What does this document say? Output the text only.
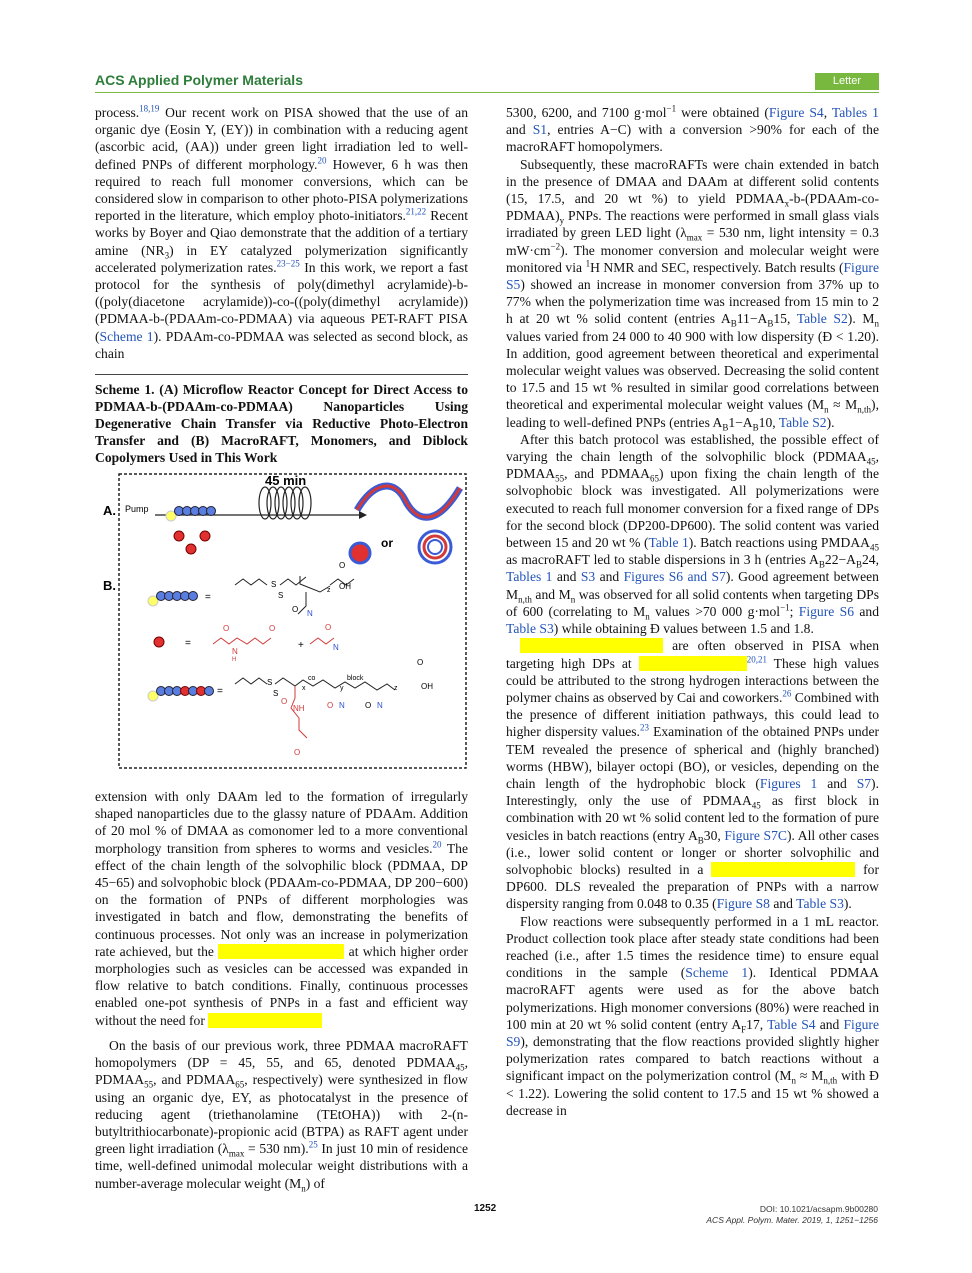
ACS Applied Polymer Materials	Letter

process.$^{18,19}$ Our recent work on PISA showed that the use of an organic dye (Eosin Y, (EY)) in combination with a reducing agent (ascorbic acid, (AA)) under green light irradiation led to well-defined PNPs of different morphology.$^{20}$ However, 6 h was then required to reach full monomer conversions, which can be considered slow in comparison to other photo-PISA polymerizations reported in the literature, which employ photo-initiators.$^{21,22}$ Recent works by Boyer and Qiao demonstrate that the addition of a tertiary amine $(NR_3)$ in EY catalyzed polymerization significantly accelerated polymerization rates.$^{23-25}$ In this work, we report a fast protocol for the synthesis of poly(dimethyl acrylamide)-b-((poly(diacetone acrylamide))-co-((poly(dimethyl acrylamide)) (PDMAA-b-(PDAAm-co-PDMAA) via aqueous PET-RAFT PISA (Scheme 1). PDAAm-co-PDMAA was selected as second block, as chain

Scheme 1. (A) Microflow Reactor Concept for Direct Access to PDMAA-b-(PDAAm-co-PDMAA) Nanoparticles Using Degenerative Chain Transfer via Reductive Photo-Electron Transfer and (B) MacroRAFT, Monomers, and Diblock Copolymers Used in This Work

45 min
A. Pump
or
B.
=
S
S
z
O
OH
O N
=
O
N
H
O
+
O
N
=
S
S
x
co
y
block
z
O
OH
NH
O
O
O N	O N

extension with only DAAm led to the formation of irregularly shaped nanoparticles due to the glassy nature of PDAAm. Addition of 20 mol % of DMAA as comonomer led to a more conventional morphology transition from spheres to worms and vesicles.$^{20}$ The effect of the chain length of the solvophilic block (PDMAA, DP 45−65) and solvophobic block (PDAAm-co-PDMAA, DP 200−600) on the formation of PNPs of different morphologies was investigated in batch and flow, demonstrating the benefits of continuous processes. Not only was an increase in polymerization rate achieved, but the range of solid contents at which higher order morphologies such as vesicles can be accessed was expanded in flow relative to batch conditions. Finally, continuous processes enabled one-pot synthesis of PNPs in a fast and efficient way without the need for deoxygenation steps.

On the basis of our previous work, three PDMAA macroRAFT homopolymers (DP = 45, 55, and 65, denoted $PDMAA_{45}$, $PDMAA_{55}$, and $PDMAA_{65}$, respectively) were synthesized in flow using an organic dye, EY, as photocatalyst in the presence of reducing agent (triethanolamine (TEtOHA)) with 2-(n-butyltrithiocarbonate)-propionic acid (BTPA) as RAFT agent under green light irradiation ($\lambda_{max} = 530$ nm).$^{25}$ In just 10 min of residence time, well-defined unimodal molecular weight distributions with a number-average molecular weight $(M_n)$ of

5300, 6200, and 7100 g·mol$^{-1}$ were obtained (Figure S4, Tables 1 and S1, entries A−C) with a conversion >90% for each of the macroRAFT homopolymers.

Subsequently, these macroRAFTs were chain extended in batch in the presence of DMAA and DAAm at different solid contents (15, 17.5, and 20 wt %) to yield $PDMAA_x-b-(PDAAm-co-PDMAA)_y$ PNPs. The reactions were performed in small glass vials irradiated by green LED light ($\lambda_{max} = 530$ nm, light intensity = 0.3 $mW\cdot cm^{-2}$). The monomer conversion and molecular weight were monitored via $^1$H NMR and SEC, respectively. Batch results (Figure S5) showed an increase in monomer conversion from 37% up to 77% when the polymerization time was increased from 15 min to 2 h at 20 wt % solid content (entries $A_B11-A_B15$, Table S2). $M_n$ values varied from 24 000 to 40 900 with low dispersity (Đ < 1.20). In addition, good agreement between theoretical and experimental molecular weight values was observed. Decreasing the solid content to 17.5 and 15 wt % resulted in similar good correlations between theoretical and experimental molecular weight values $(M_n \approx M_{n,th})$, leading to well-defined PNPs (entries $A_B1-A_B10$, Table S2).

After this batch protocol was established, the possible effect of varying the chain length of the solvophilic block ($PDMAA_{45}$, $PDMAA_{55}$, and $PDMAA_{65}$) upon fixing the chain length of the solvophobic block was investigated. All polymerizations were executed to reach full monomer conversion for a fixed range of DPs for the second block (DP200-DP600). The solid content was varied between 15 and 20 wt % (Table 1). Batch reactions using $PMDAA_{45}$ as macroRAFT led to stable dispersions in 3 h (entries $A_B22-A_B24$, Tables 1 and S3 and Figures S6 and S7). Good agreement between $M_{n,th}$ and $M_n$ was observed for all solid contents when targeting DPs of 600 (correlating to $M_n$ values >70 000 g·mol$^{-1}$; Figure S6 and Table S3) while obtaining Đ values between 1.5 and 1.8.

Higher dispersity values are often observed in PISA when targeting high DPs at high solid content.$^{20,21}$ These high values could be attributed to the strong hydrogen interactions between the polymer chains as observed by Cai and coworkers.$^{26}$ Combined with the presence of different initiation pathways, this could lead to higher dispersity values.$^{23}$ Examination of the obtained PNPs under TEM revealed the presence of spherical and (highly branched) worms (HBW), bilayer octopi (BO), or vesicles, depending on the chain length of the hydrophobic block (Figures 1 and S7). Interestingly, only the use of $PDMAA_{45}$ as first block in combination with 20 wt % solid content led to the formation of pure vesicles in batch reactions (entry $A_B30$, Figure S7C). All other cases (i.e., lower solid content or longer or shorter solvophilic and solvophobic blocks) resulted in a mixture of morphologies for DP600. DLS revealed the preparation of PNPs with a narrow dispersity ranging from 0.048 to 0.35 (Figure S8 and Table S3).

Flow reactions were subsequently performed in a 1 mL reactor. Product collection took place after steady state conditions had been reached (i.e., after 1.5 times the residence time) to ensure equal conditions in the sample (Scheme 1). Identical PDMAA macroRAFT agents were used as for the above batch polymerizations. High monomer conversions (80%) were reached in 100 min at 20 wt % solid content (entry $A_F17$, Table S4 and Figure S9), demonstrating that the flow reactions provided slightly higher polymerization rates compared to batch reactions without a significant impact on the polymerization control ($M_n \approx M_{n,th}$ with Đ < 1.22). Lowering the solid content to 17.5 and 15 wt % showed a decrease in

1252	DOI: 10.1021/acsapm.9b00280
ACS Appl. Polym. Mater. 2019, 1, 1251−1256
